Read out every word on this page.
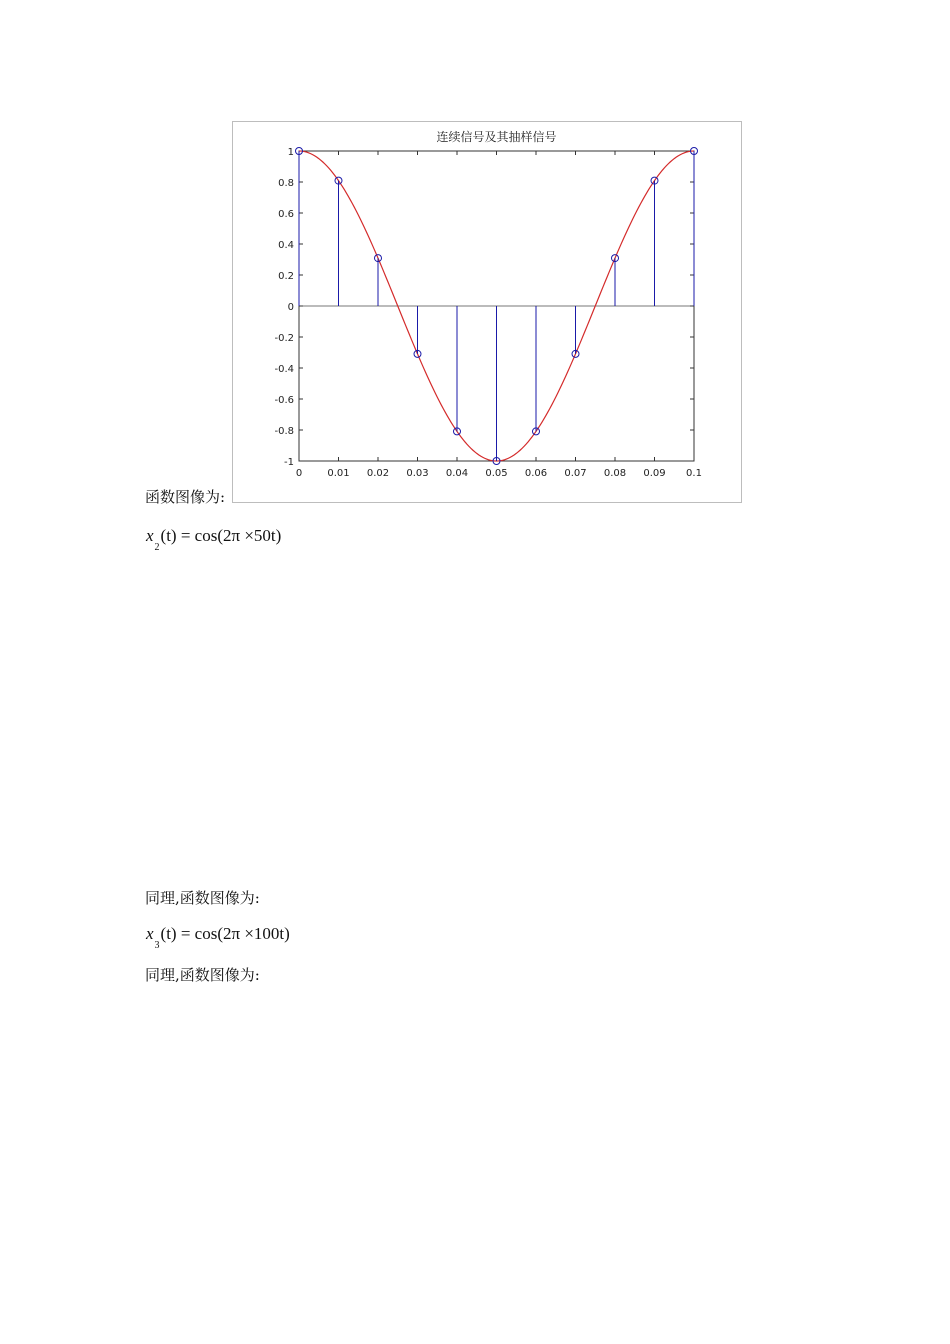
连续信号及其抽样信号
0	0.01 0.02 0.03 0.04 0.05 0.06 0.07 0.08 0.09 0.1
1
0.8
0.6
0.4
0.2
0
-0.2
-0.4
-0.6
-0.8
-1
函数图像为:
$x_2(t) = \cos(2\pi \times 50t)$
同理,函数图像为:
$x_3(t) = \cos(2\pi \times 100t)$
同理,函数图像为:
